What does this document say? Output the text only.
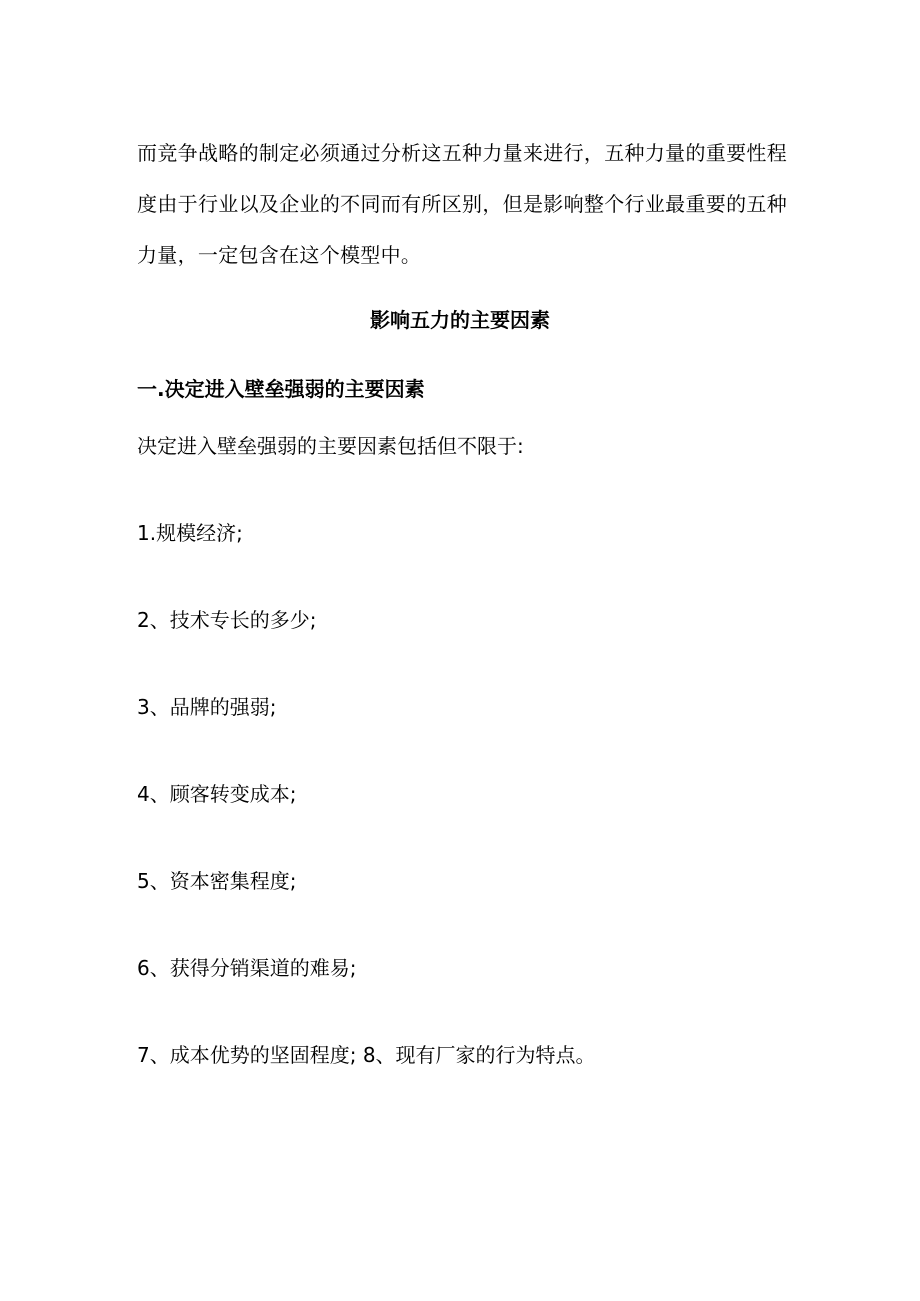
而竞争战略的制定必须通过分析这五种力量来进行，五种力量的重要性程度由于行业以及企业的不同而有所区别，但是影响整个行业最重要的五种力量，一定包含在这个模型中。

影响五力的主要因素
一.决定进入壁垒强弱的主要因素

决定进入壁垒强弱的主要因素包括但不限于:

1.规模经济;

2、技术专长的多少;

3、品牌的强弱;

4、顾客转变成本;

5、资本密集程度;

6、获得分销渠道的难易;

7、成本优势的坚固程度; 8、现有厂家的行为特点。
